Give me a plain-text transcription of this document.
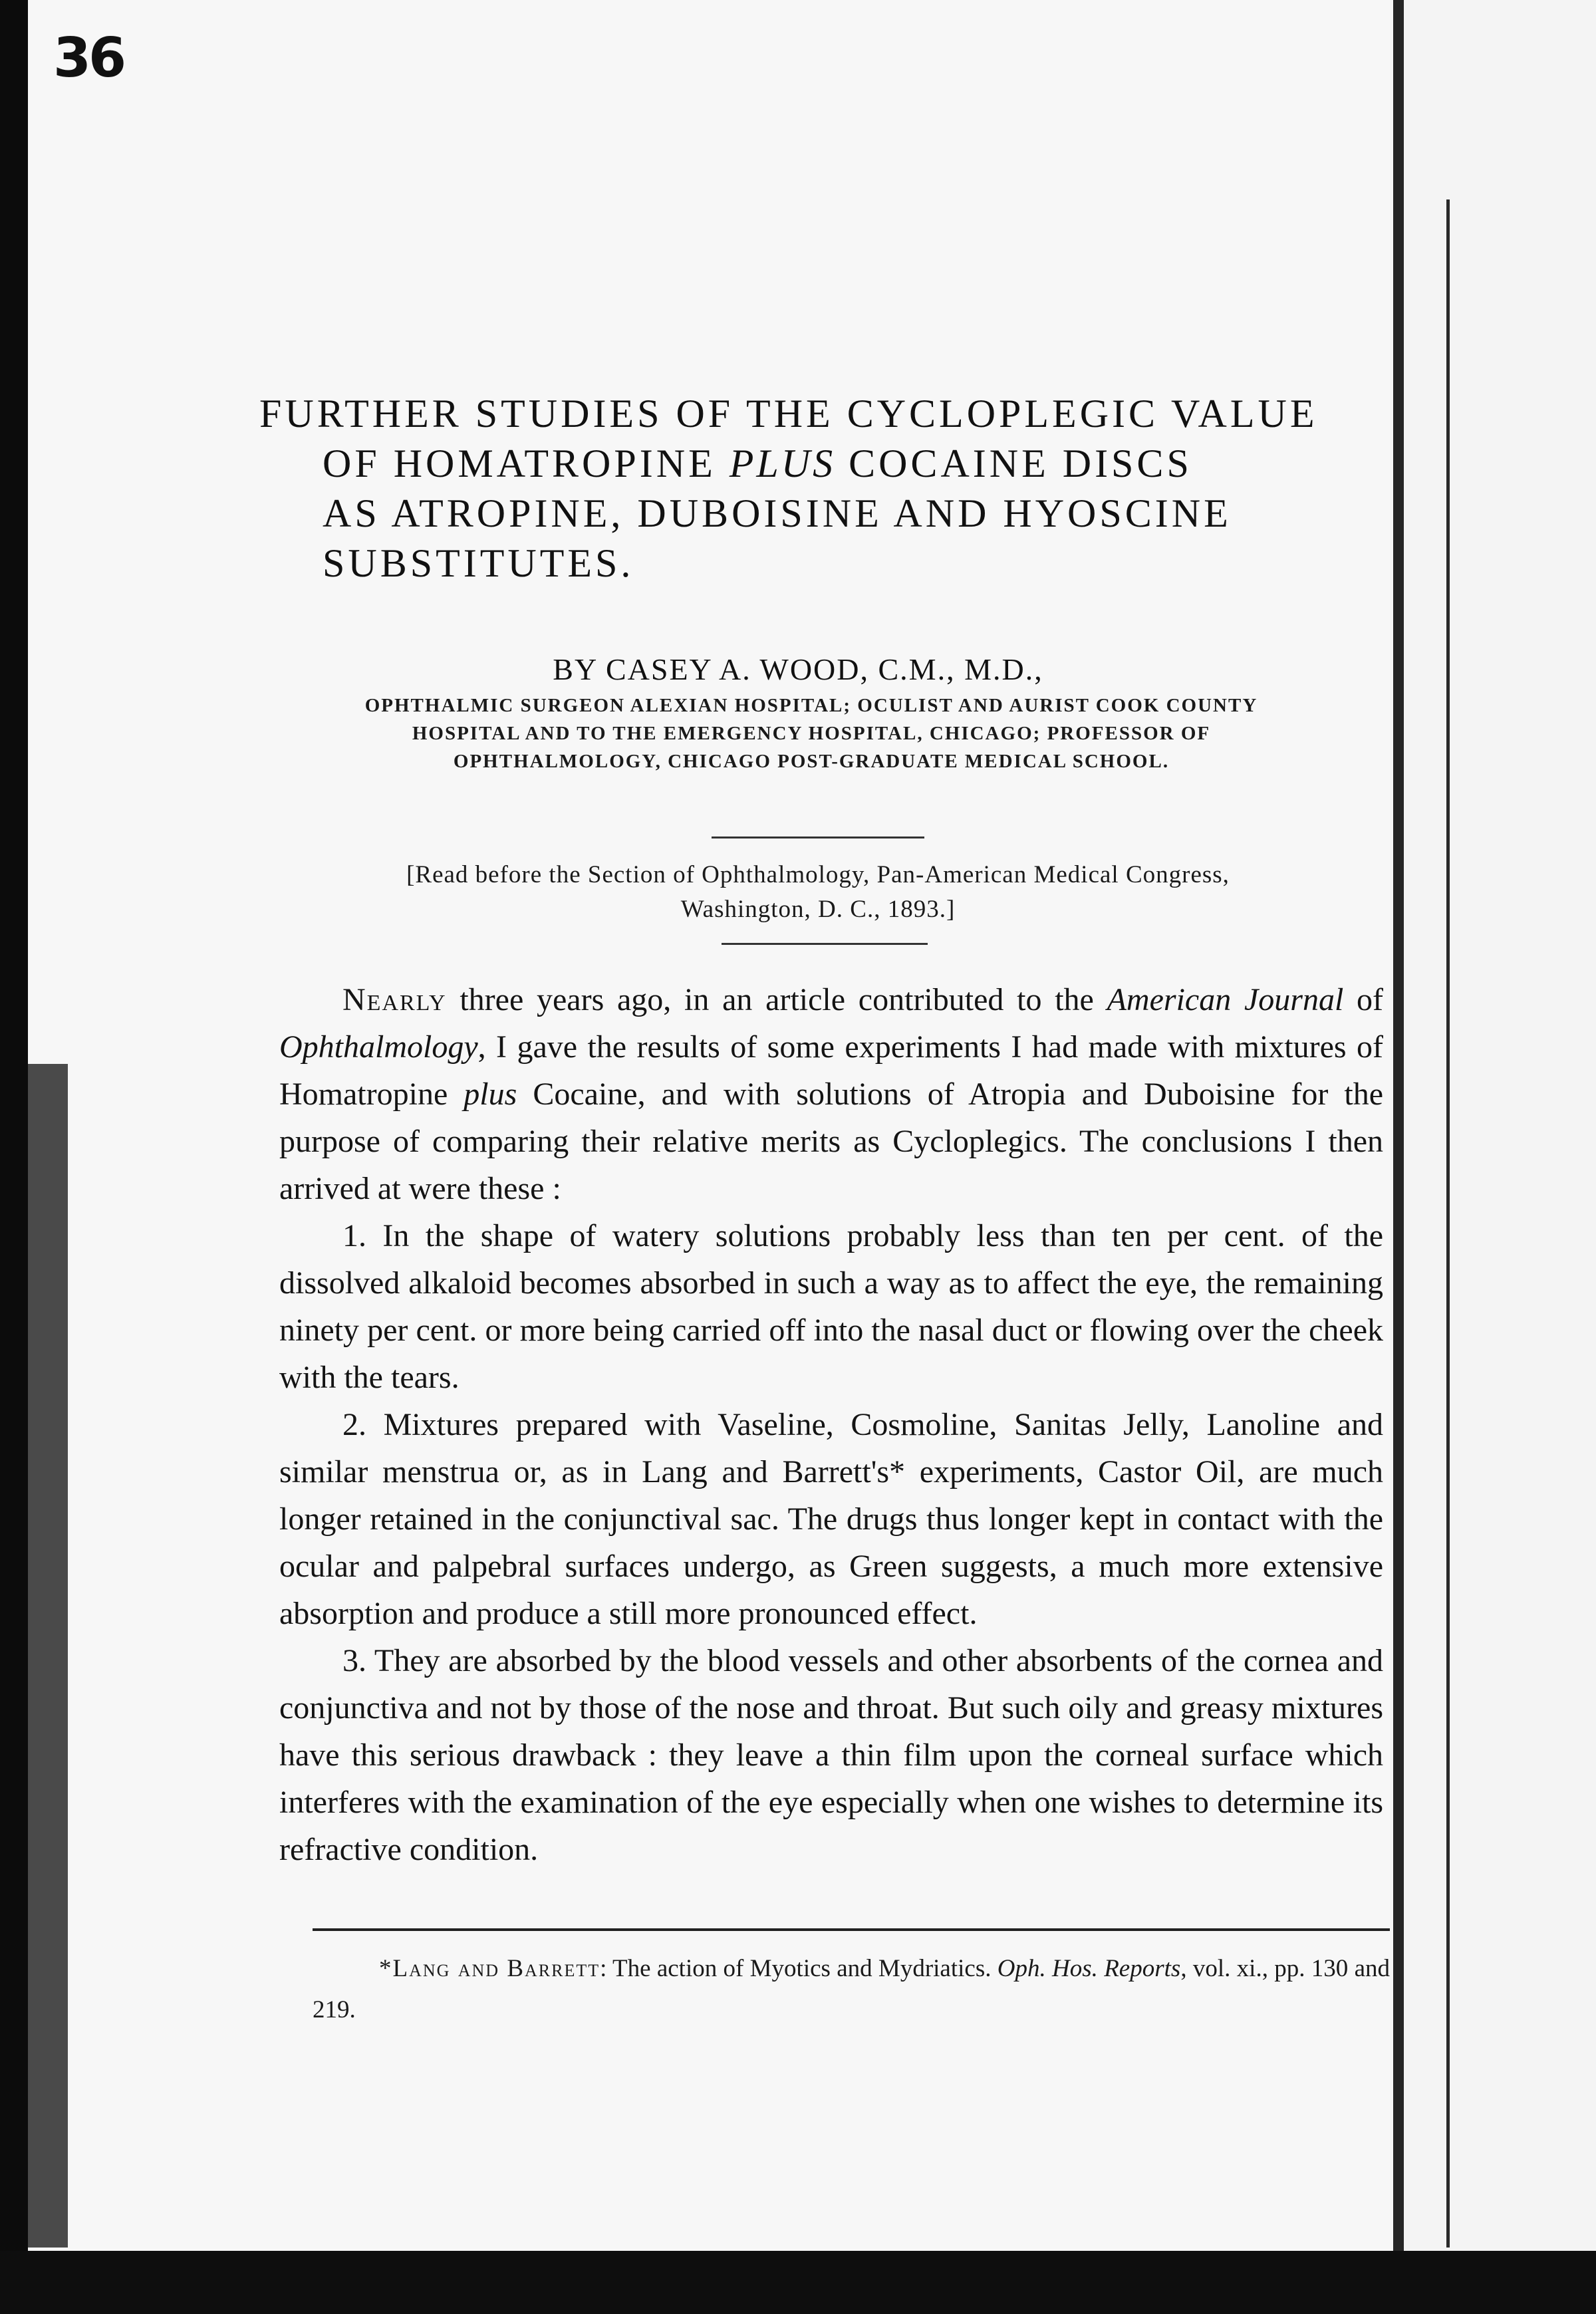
36

FURTHER STUDIES OF THE CYCLOPLEGIC VALUE
OF HOMATROPINE PLUS COCAINE DISCS
AS ATROPINE, DUBOISINE AND HYOSCINE
SUBSTITUTES.

BY CASEY A. WOOD, C.M., M.D.,

OPHTHALMIC SURGEON ALEXIAN HOSPITAL; OCULIST AND AURIST COOK COUNTY
HOSPITAL AND TO THE EMERGENCY HOSPITAL, CHICAGO; PROFESSOR OF
OPHTHALMOLOGY, CHICAGO POST-GRADUATE MEDICAL SCHOOL.

[Read before the Section of Ophthalmology, Pan-American Medical Congress,
Washington, D. C., 1893.]

Nearly three years ago, in an article contributed to the American Journal of Ophthalmology, I gave the results of some experiments I had made with mixtures of Homatropine plus Cocaine, and with solutions of Atropia and Duboisine for the purpose of comparing their relative merits as Cycloplegics. The conclusions I then arrived at were these :

1. In the shape of watery solutions probably less than ten per cent. of the dissolved alkaloid becomes absorbed in such a way as to affect the eye, the remaining ninety per cent. or more being carried off into the nasal duct or flowing over the cheek with the tears.

2. Mixtures prepared with Vaseline, Cosmoline, Sanitas Jelly, Lanoline and similar menstrua or, as in Lang and Barrett's* experiments, Castor Oil, are much longer retained in the conjunctival sac. The drugs thus longer kept in contact with the ocular and palpebral surfaces undergo, as Green suggests, a much more extensive absorption and produce a still more pronounced effect.

3. They are absorbed by the blood vessels and other absorbents of the cornea and conjunctiva and not by those of the nose and throat. But such oily and greasy mixtures have this serious drawback : they leave a thin film upon the corneal surface which interferes with the examination of the eye especially when one wishes to determine its refractive condition.

*Lang and Barrett: The action of Myotics and Mydriatics. Oph. Hos. Reports, vol. xi., pp. 130 and 219.
